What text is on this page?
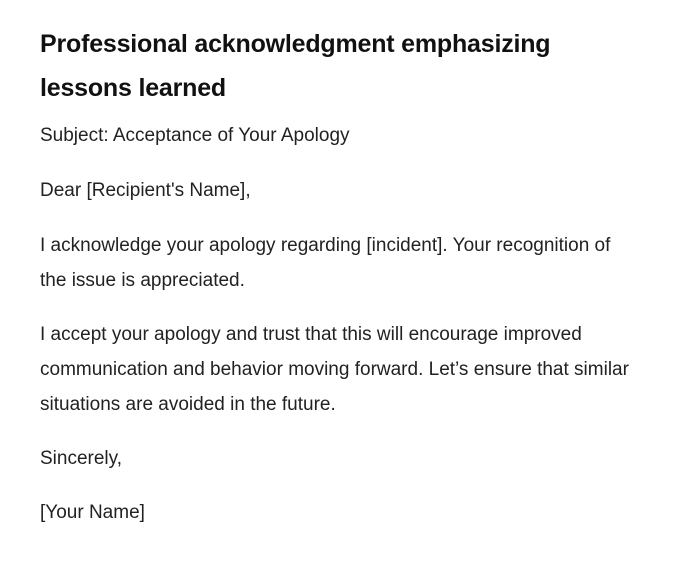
Professional acknowledgment emphasizing lessons learned

Subject: Acceptance of Your Apology

Dear [Recipient's Name],

I acknowledge your apology regarding [incident]. Your recognition of the issue is appreciated.

I accept your apology and trust that this will encourage improved communication and behavior moving forward. Let’s ensure that similar situations are avoided in the future.

Sincerely,

[Your Name]
